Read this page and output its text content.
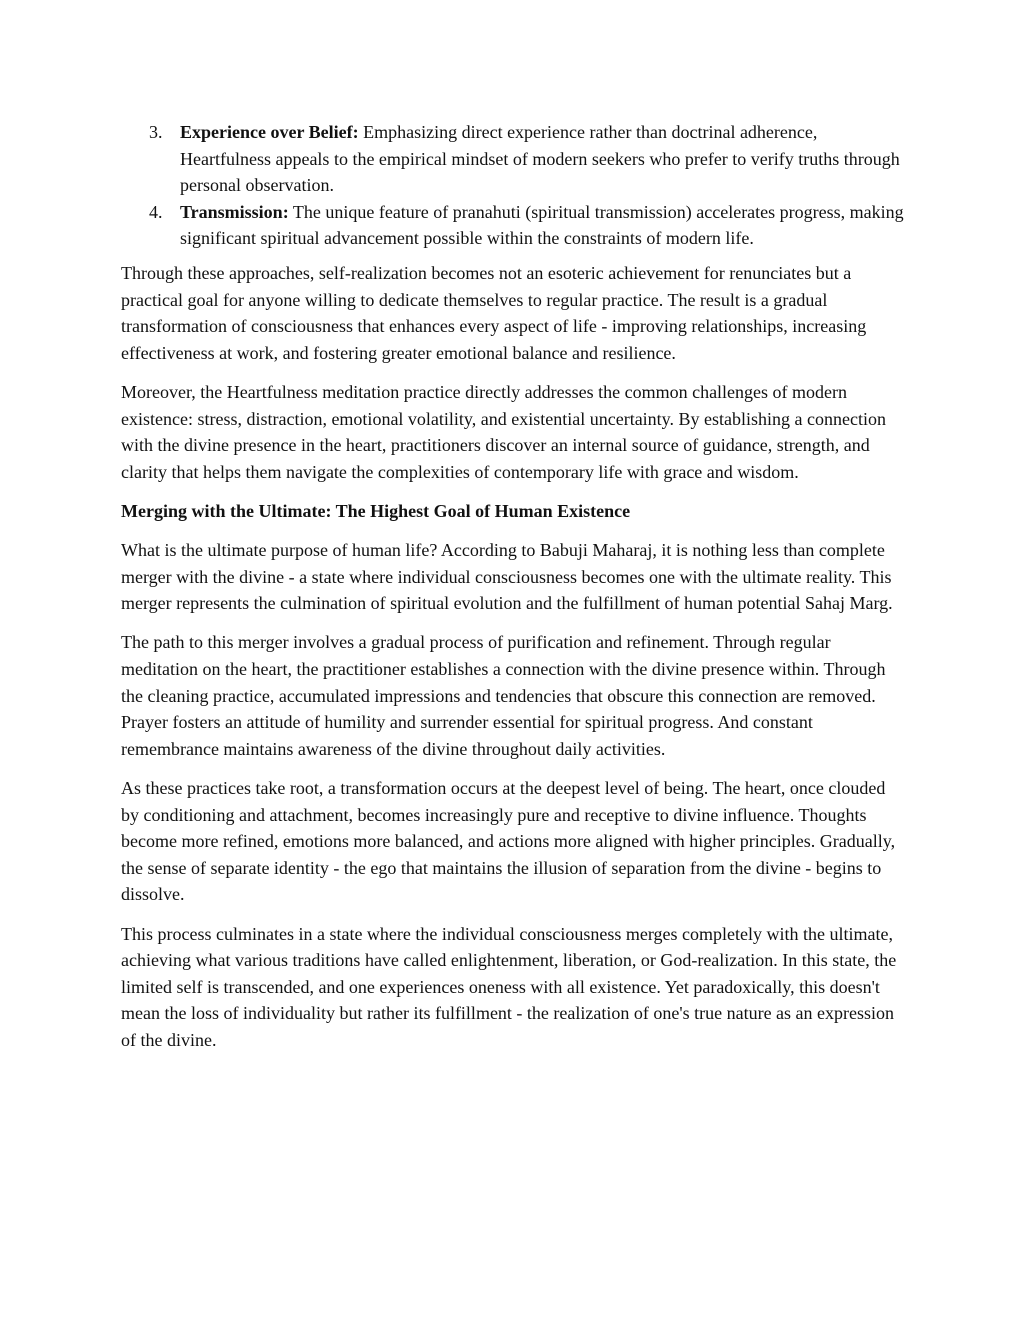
3. Experience over Belief: Emphasizing direct experience rather than doctrinal adherence, Heartfulness appeals to the empirical mindset of modern seekers who prefer to verify truths through personal observation.
4. Transmission: The unique feature of pranahuti (spiritual transmission) accelerates progress, making significant spiritual advancement possible within the constraints of modern life.

Through these approaches, self-realization becomes not an esoteric achievement for renunciates but a practical goal for anyone willing to dedicate themselves to regular practice. The result is a gradual transformation of consciousness that enhances every aspect of life - improving relationships, increasing effectiveness at work, and fostering greater emotional balance and resilience.

Moreover, the Heartfulness meditation practice directly addresses the common challenges of modern existence: stress, distraction, emotional volatility, and existential uncertainty. By establishing a connection with the divine presence in the heart, practitioners discover an internal source of guidance, strength, and clarity that helps them navigate the complexities of contemporary life with grace and wisdom.

Merging with the Ultimate: The Highest Goal of Human Existence

What is the ultimate purpose of human life? According to Babuji Maharaj, it is nothing less than complete merger with the divine - a state where individual consciousness becomes one with the ultimate reality. This merger represents the culmination of spiritual evolution and the fulfillment of human potential Sahaj Marg.

The path to this merger involves a gradual process of purification and refinement. Through regular meditation on the heart, the practitioner establishes a connection with the divine presence within. Through the cleaning practice, accumulated impressions and tendencies that obscure this connection are removed. Prayer fosters an attitude of humility and surrender essential for spiritual progress. And constant remembrance maintains awareness of the divine throughout daily activities.

As these practices take root, a transformation occurs at the deepest level of being. The heart, once clouded by conditioning and attachment, becomes increasingly pure and receptive to divine influence. Thoughts become more refined, emotions more balanced, and actions more aligned with higher principles. Gradually, the sense of separate identity - the ego that maintains the illusion of separation from the divine - begins to dissolve.

This process culminates in a state where the individual consciousness merges completely with the ultimate, achieving what various traditions have called enlightenment, liberation, or God-realization. In this state, the limited self is transcended, and one experiences oneness with all existence. Yet paradoxically, this doesn't mean the loss of individuality but rather its fulfillment - the realization of one's true nature as an expression of the divine.
